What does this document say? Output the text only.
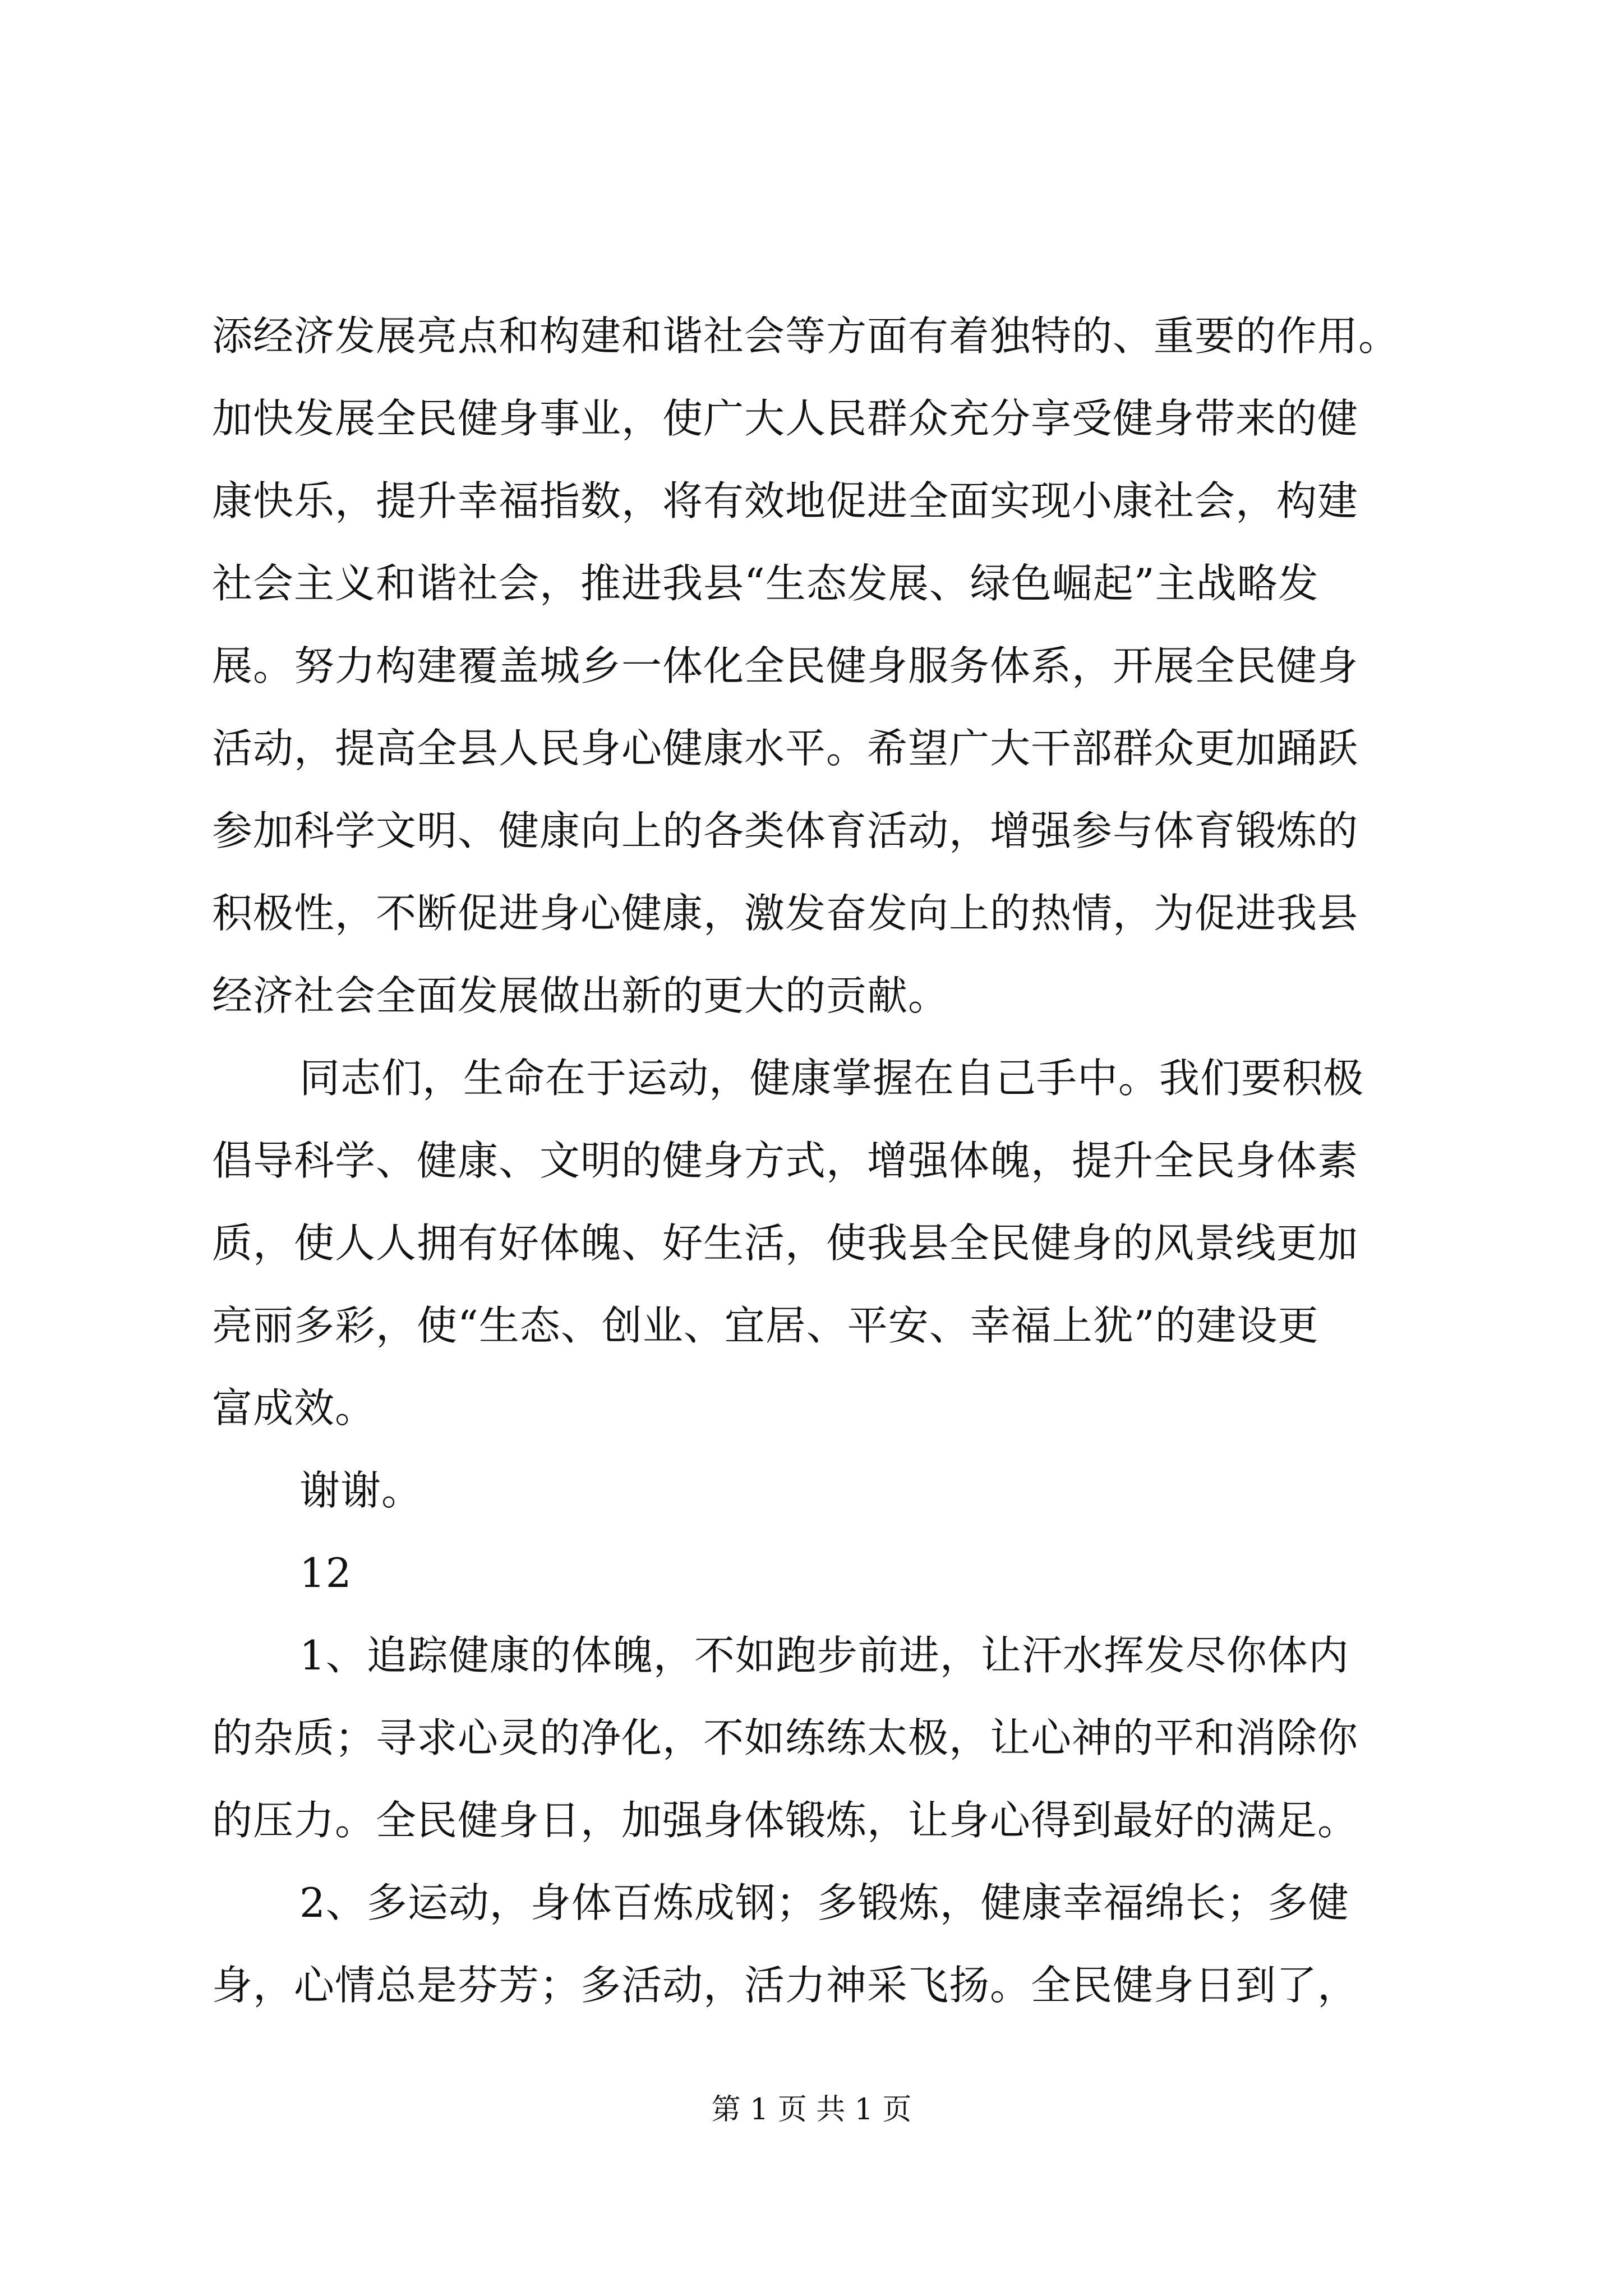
添经济发展亮点和构建和谐社会等方面有着独特的、重要的作用。
加快发展全民健身事业，使广大人民群众充分享受健身带来的健
康快乐，提升幸福指数，将有效地促进全面实现小康社会，构建
社会主义和谐社会，推进我县“生态发展、绿色崛起”主战略发
展。努力构建覆盖城乡一体化全民健身服务体系，开展全民健身
活动，提高全县人民身心健康水平。希望广大干部群众更加踊跃
参加科学文明、健康向上的各类体育活动，增强参与体育锻炼的
积极性，不断促进身心健康，激发奋发向上的热情，为促进我县
经济社会全面发展做出新的更大的贡献。
同志们，生命在于运动，健康掌握在自己手中。我们要积极
倡导科学、健康、文明的健身方式，增强体魄，提升全民身体素
质，使人人拥有好体魄、好生活，使我县全民健身的风景线更加
亮丽多彩，使“生态、创业、宜居、平安、幸福上犹”的建设更
富成效。
谢谢。
12
1、追踪健康的体魄，不如跑步前进，让汗水挥发尽你体内
的杂质；寻求心灵的净化，不如练练太极，让心神的平和消除你
的压力。全民健身日，加强身体锻炼，让身心得到最好的满足。
2、多运动，身体百炼成钢；多锻炼，健康幸福绵长；多健
身，心情总是芬芳；多活动，活力神采飞扬。全民健身日到了，
第 1 页 共 1 页
